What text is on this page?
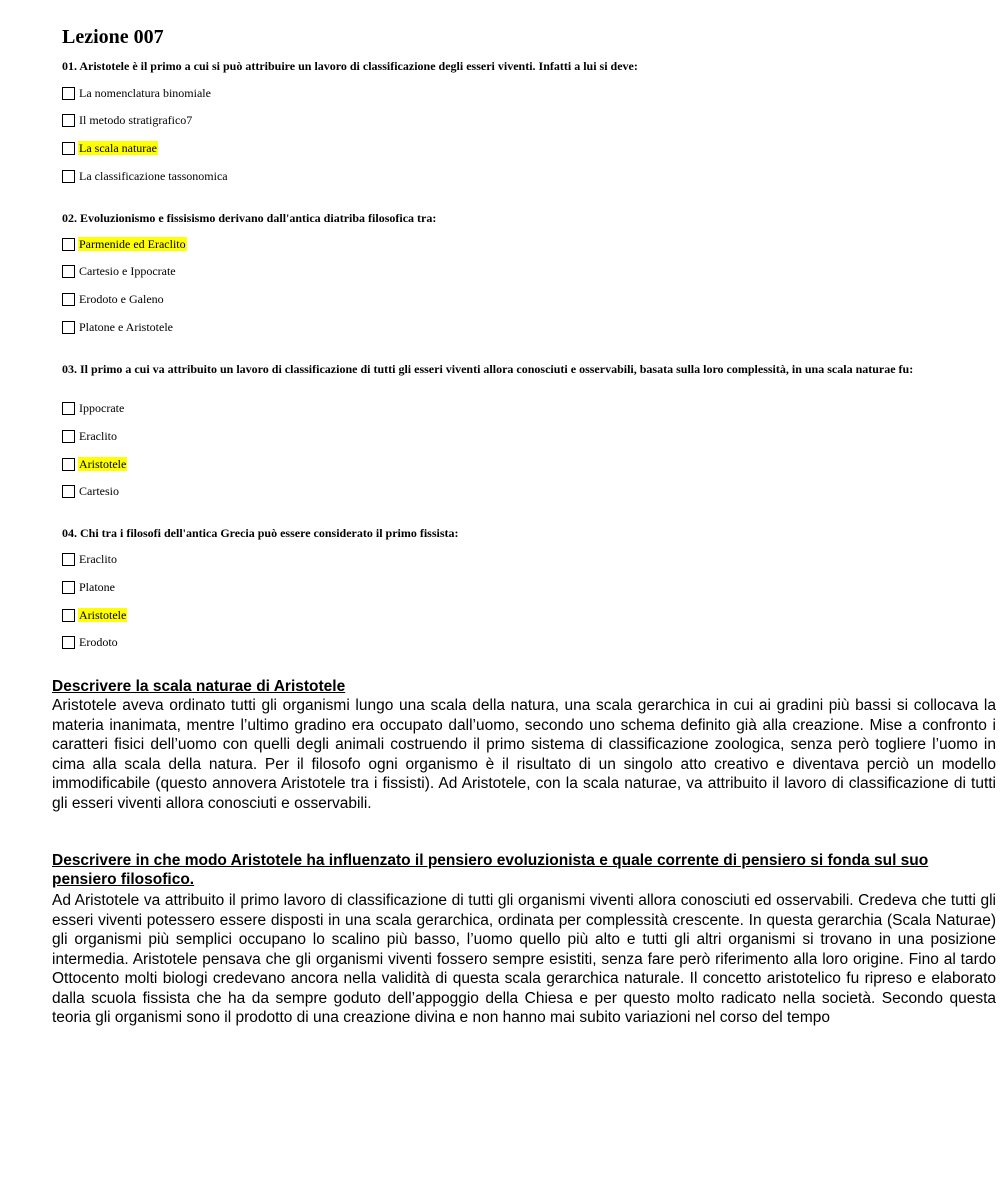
Lezione 007
01. Aristotele è il primo a cui si può attribuire un lavoro di classificazione degli esseri viventi. Infatti a lui si deve:
La nomenclatura binomiale
Il metodo stratigrafico7
La scala naturae
La classificazione tassonomica
02. Evoluzionismo e fissisismo derivano dall'antica diatriba filosofica tra:
Parmenide ed Eraclito
Cartesio e Ippocrate
Erodoto e Galeno
Platone e Aristotele
03. Il primo a cui va attribuito un lavoro di classificazione di tutti gli esseri viventi allora conosciuti e osservabili, basata sulla loro complessità, in una scala naturae fu:
Ippocrate
Eraclito
Aristotele
Cartesio
04. Chi tra i filosofi dell'antica Grecia può essere considerato il primo fissista:
Eraclito
Platone
Aristotele
Erodoto
Descrivere la scala naturae di Aristotele
Aristotele aveva ordinato tutti gli organismi lungo una scala della natura, una scala gerarchica in cui ai gradini più bassi si collocava la materia inanimata, mentre l’ultimo gradino era occupato dall’uomo, secondo uno schema definito già alla creazione. Mise a confronto i caratteri fisici dell’uomo con quelli degli animali costruendo il primo sistema di classificazione zoologica, senza però togliere l’uomo in cima alla scala della natura. Per il filosofo ogni organismo è il risultato di un singolo atto creativo e diventava perciò un modello immodificabile (questo annovera Aristotele tra i fissisti). Ad Aristotele, con la scala naturae, va attribuito il lavoro di classificazione di tutti gli esseri viventi allora conosciuti e osservabili.
Descrivere in che modo Aristotele ha influenzato il pensiero evoluzionista e quale corrente di pensiero si fonda sul suo pensiero filosofico.
Ad Aristotele va attribuito il primo lavoro di classificazione di tutti gli organismi viventi allora conosciuti ed osservabili. Credeva che tutti gli esseri viventi potessero essere disposti in una scala gerarchica, ordinata per complessità crescente. In questa gerarchia (Scala Naturae) gli organismi più semplici occupano lo scalino più basso, l’uomo quello più alto e tutti gli altri organismi si trovano in una posizione intermedia. Aristotele pensava che gli organismi viventi fossero sempre esistiti, senza fare però riferimento alla loro origine. Fino al tardo Ottocento molti biologi credevano ancora nella validità di questa scala gerarchica naturale. Il concetto aristotelico fu ripreso e elaborato dalla scuola fissista che ha da sempre goduto dell’appoggio della Chiesa e per questo molto radicato nella società. Secondo questa teoria gli organismi sono il prodotto di una creazione divina e non hanno mai subito variazioni nel corso del tempo
